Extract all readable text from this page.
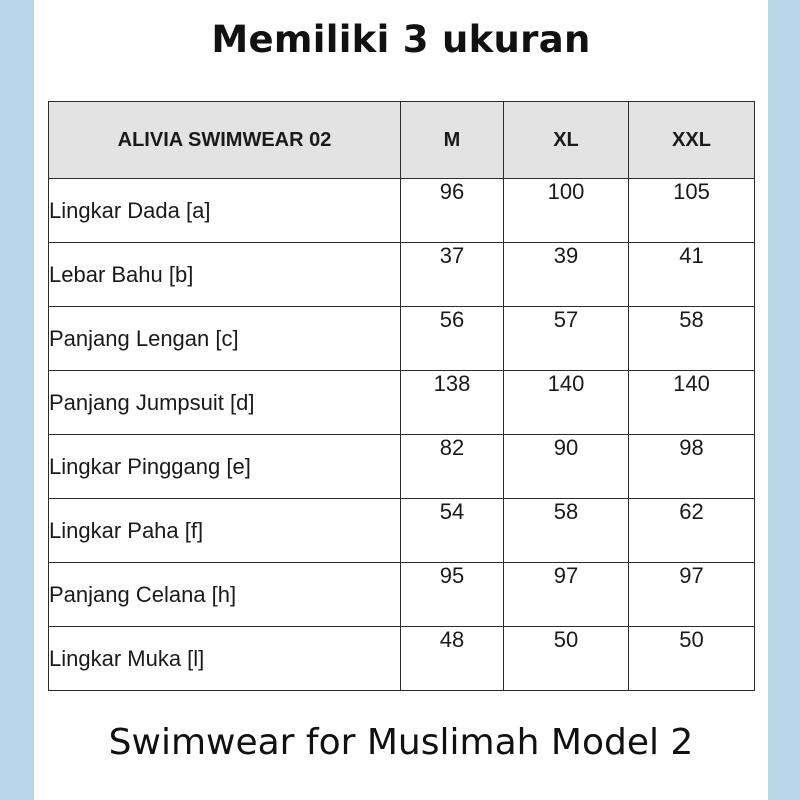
Memiliki 3 ukuran
ALIVIA SWIMWEAR 02	M	XL	XXL
Lingkar Dada [a]	96	100	105
Lebar Bahu [b]	37	39	41
Panjang Lengan [c]	56	57	58
Panjang Jumpsuit [d]	138	140	140
Lingkar Pinggang [e]	82	90	98
Lingkar Paha [f]	54	58	62
Panjang Celana [h]	95	97	97
Lingkar Muka [l]	48	50	50
Swimwear for Muslimah Model 2
